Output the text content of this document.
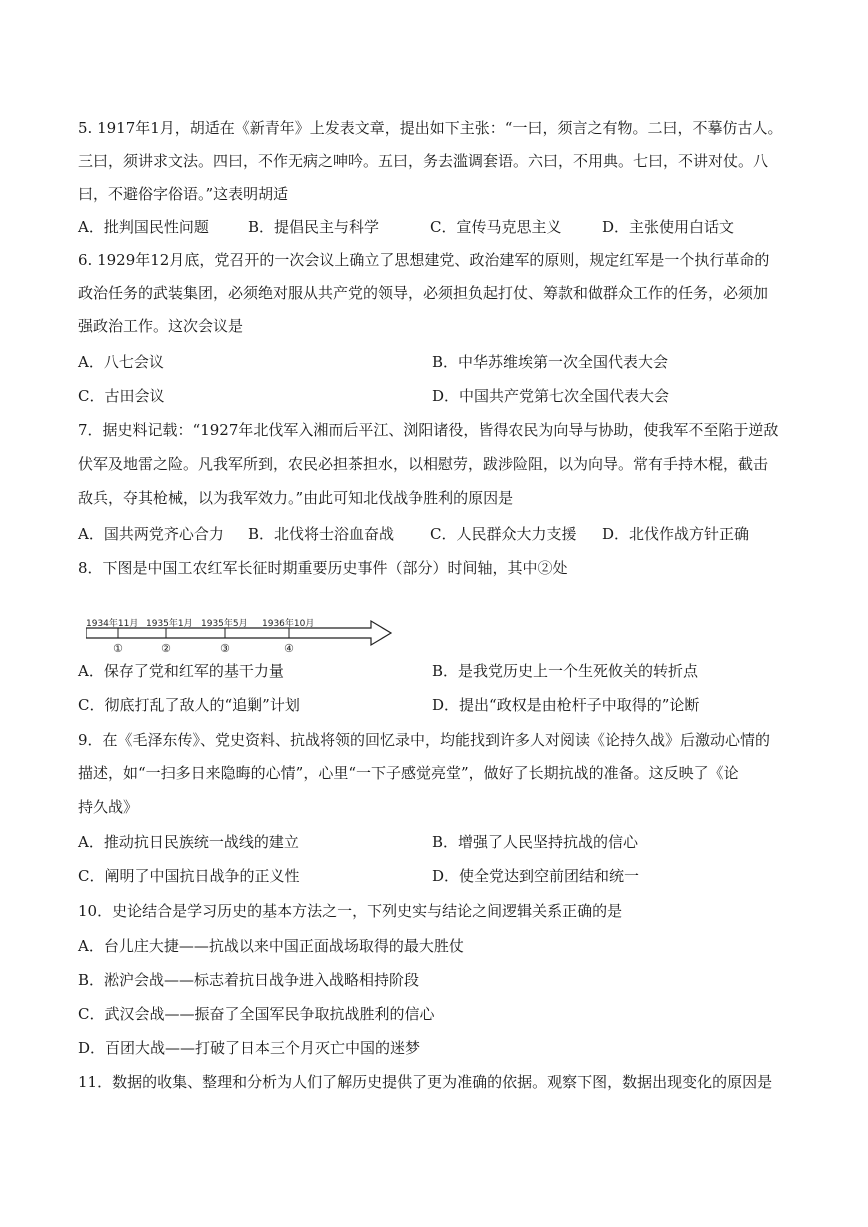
5. 1917年1月，胡适在《新青年》上发表文章，提出如下主张：“一曰，须言之有物。二曰，不摹仿古人。
三曰，须讲求文法。四曰，不作无病之呻吟。五曰，务去滥调套语。六曰，不用典。七曰，不讲对仗。八
曰，不避俗字俗语。”这表明胡适
A．批判国民性问题	B．提倡民主与科学	C．宣传马克思主义	D．主张使用白话文
6. 1929年12月底，党召开的一次会议上确立了思想建党、政治建军的原则，规定红军是一个执行革命的
政治任务的武装集团，必须绝对服从共产党的领导，必须担负起打仗、筹款和做群众工作的任务，必须加
强政治工作。这次会议是
A．八七会议	B．中华苏维埃第一次全国代表大会
C．古田会议	D．中国共产党第七次全国代表大会
7．据史料记载：“1927年北伐军入湘而后平江、浏阳诸役，皆得农民为向导与协助，使我军不至陷于逆敌
伏军及地雷之险。凡我军所到，农民必担茶担水，以相慰劳，跋涉险阻，以为向导。常有手持木棍，截击
敌兵，夺其枪械，以为我军效力。”由此可知北伐战争胜利的原因是
A．国共两党齐心合力 B．北伐将士浴血奋战 C．人民群众大力支援 D．北伐作战方针正确
8．下图是中国工农红军长征时期重要历史事件（部分）时间轴，其中②处
1934年11月 1935年1月 1935年5月 1936年10月
①	②	③	④
A．保存了党和红军的基干力量	B．是我党历史上一个生死攸关的转折点
C．彻底打乱了敌人的“追剿”计划	D．提出“政权是由枪杆子中取得的”论断
9．在《毛泽东传》、党史资料、抗战将领的回忆录中，均能找到许多人对阅读《论持久战》后激动心情的
描述，如“一扫多日来隐晦的心情”，心里“一下子感觉亮堂”，做好了长期抗战的准备。这反映了《论
持久战》
A．推动抗日民族统一战线的建立	B．增强了人民坚持抗战的信心
C．阐明了中国抗日战争的正义性	D．使全党达到空前团结和统一
10．史论结合是学习历史的基本方法之一，下列史实与结论之间逻辑关系正确的是
A．台儿庄大捷——抗战以来中国正面战场取得的最大胜仗
B．淞沪会战——标志着抗日战争进入战略相持阶段
C．武汉会战——振奋了全国军民争取抗战胜利的信心
D．百团大战——打破了日本三个月灭亡中国的迷梦
11．数据的收集、整理和分析为人们了解历史提供了更为准确的依据。观察下图，数据出现变化的原因是
